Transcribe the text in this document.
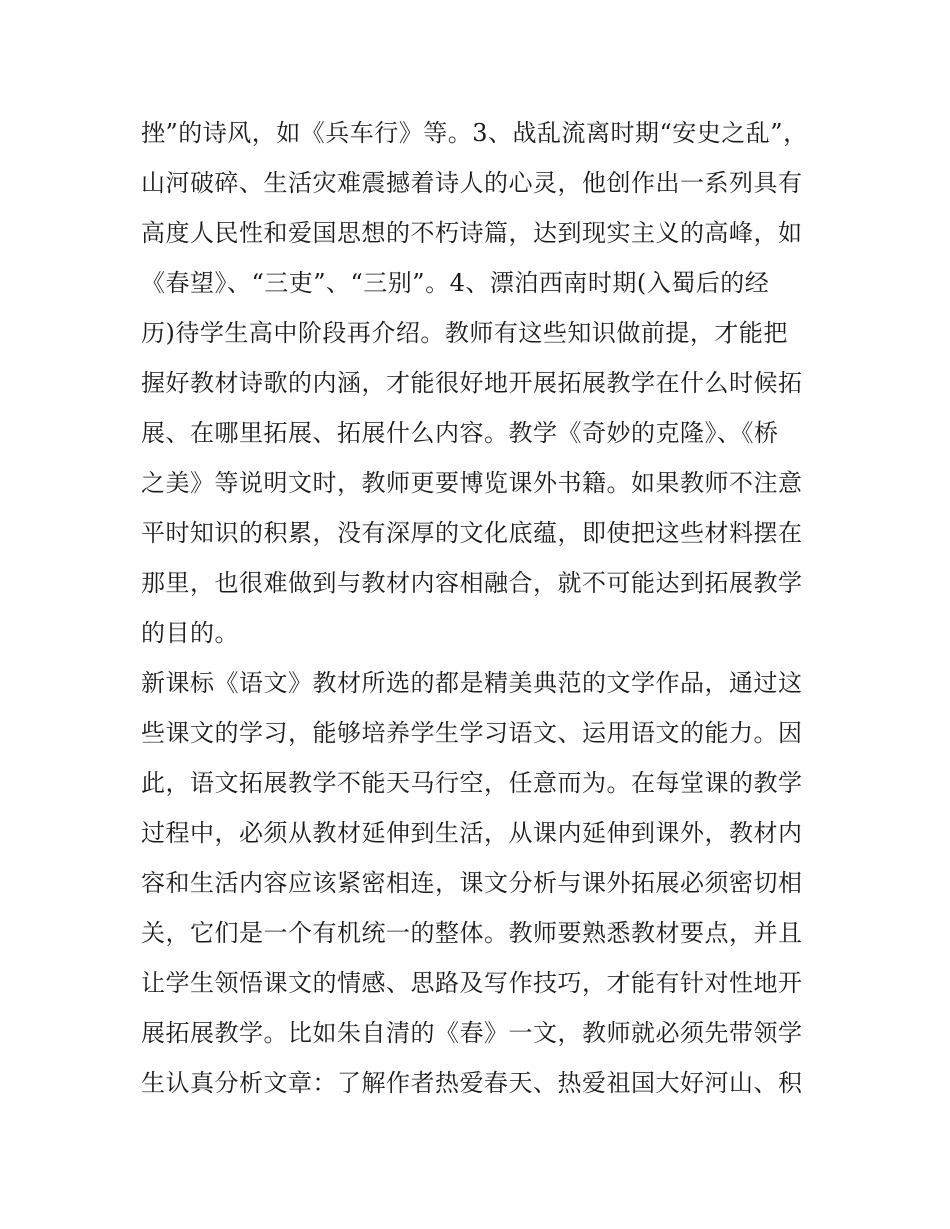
挫”的诗风，如《兵车行》等。3、战乱流离时期“安史之乱”，
山河破碎、生活灾难震撼着诗人的心灵，他创作出一系列具有
高度人民性和爱国思想的不朽诗篇，达到现实主义的高峰，如
《春望》、“三吏”、“三别”。4、漂泊西南时期(入蜀后的经
历)待学生高中阶段再介绍。教师有这些知识做前提，才能把
握好教材诗歌的内涵，才能很好地开展拓展教学在什么时候拓
展、在哪里拓展、拓展什么内容。教学《奇妙的克隆》、《桥
之美》等说明文时，教师更要博览课外书籍。如果教师不注意
平时知识的积累，没有深厚的文化底蕴，即使把这些材料摆在
那里，也很难做到与教材内容相融合，就不可能达到拓展教学
的目的。
新课标《语文》教材所选的都是精美典范的文学作品，通过这
些课文的学习，能够培养学生学习语文、运用语文的能力。因
此，语文拓展教学不能天马行空，任意而为。在每堂课的教学
过程中，必须从教材延伸到生活，从课内延伸到课外，教材内
容和生活内容应该紧密相连，课文分析与课外拓展必须密切相
关，它们是一个有机统一的整体。教师要熟悉教材要点，并且
让学生领悟课文的情感、思路及写作技巧，才能有针对性地开
展拓展教学。比如朱自清的《春》一文，教师就必须先带领学
生认真分析文章：了解作者热爱春天、热爱祖国大好河山、积
